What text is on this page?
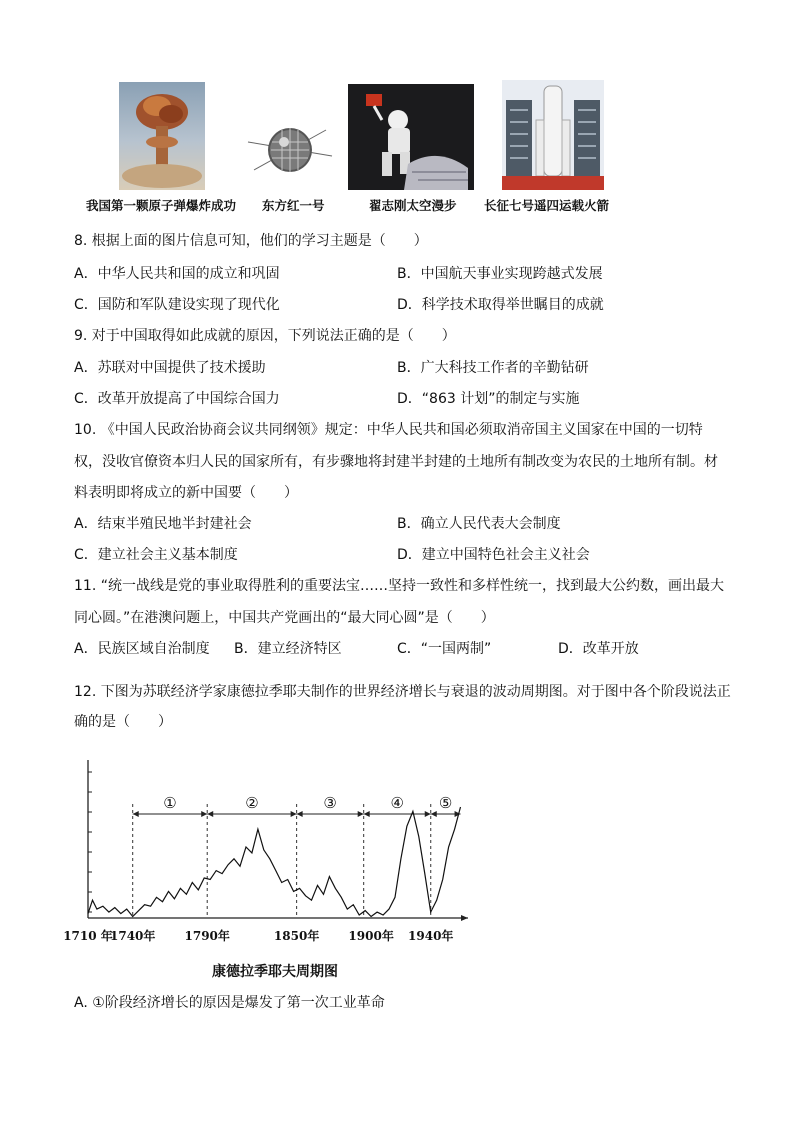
我国第一颗原子弹爆炸成功 东方红一号	翟志刚太空漫步 长征七号遥四运载火箭
8. 根据上面的图片信息可知，他们的学习主题是（　　）
A．中华人民共和国的成立和巩固	B．中国航天事业实现跨越式发展
C．国防和军队建设实现了现代化	D．科学技术取得举世瞩目的成就
9. 对于中国取得如此成就的原因，下列说法正确的是（　　）
A．苏联对中国提供了技术援助	B．广大科技工作者的辛勤钻研
C．改革开放提高了中国综合国力	D．“863 计划”的制定与实施
10. 《中国人民政治协商会议共同纲领》规定：中华人民共和国必须取消帝国主义国家在中国的一切特
权，没收官僚资本归人民的国家所有，有步骤地将封建半封建的土地所有制改变为农民的土地所有制。材
料表明即将成立的新中国要（　　）
A．结束半殖民地半封建社会	B．确立人民代表大会制度
C．建立社会主义基本制度	D．建立中国特色社会主义社会
11. “统一战线是党的事业取得胜利的重要法宝……坚持一致性和多样性统一，找到最大公约数，画出最大
同心圆。”在港澳问题上，中国共产党画出的“最大同心圆”是（　　）
A．民族区域自治制度 B．建立经济特区	C．“一国两制”	D．改革开放
12. 下图为苏联经济学家康德拉季耶夫制作的世界经济增长与衰退的波动周期图。对于图中各个阶段说法正
确的是（　　）
①	②	③	④ ⑤
1710 年
1740年 1790年	1850年 1900年 1940年
康德拉季耶夫周期图
A. ①阶段经济增长的原因是爆发了第一次工业革命
